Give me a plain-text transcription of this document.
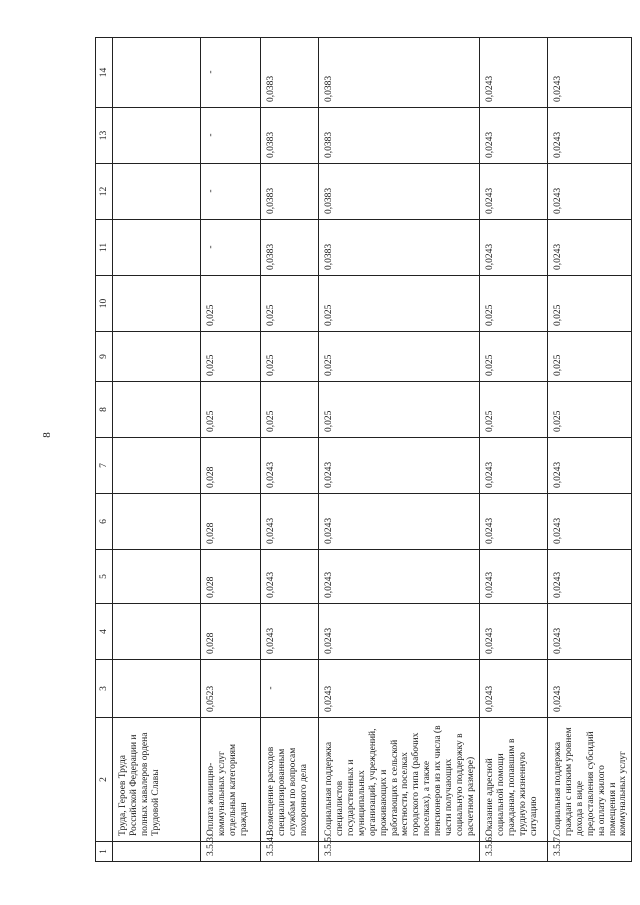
8
1	2	3	4	5	6	7	8	9	10	11	12	13	14
	Труда, Героев Труда Российской Федерации и полных кавалеров ордена Трудовой Славы												
3.5.3.	Оплата жилищно-коммунальных услуг отдельным категориям граждан	0,0523	0,028	0,028	0,028	0,028	0,025	0,025	0,025	-	-	-	-
3.5.4.	Возмещение расходов специализированным службам по вопросам похоронного дела	-	0,0243	0,0243	0,0243	0,0243	0,025	0,025	0,025	0,0383	0,0383	0,0383	0,0383
3.5.5.	Социальная поддержка специалистов государственных и муниципальных организаций, учреждений, проживающих и работающих в сельской местности, поселках городского типа (рабочих поселках), а также пенсионеров из их числа (в части получающих социальную поддержку в расчетном размере)	0,0243	0,0243	0,0243	0,0243	0,0243	0,025	0,025	0,025	0,0383	0,0383	0,0383	0,0383
3.5.6.	Оказание адресной социальной помощи гражданам, попавшим в трудную жизненную ситуацию	0,0243	0,0243	0,0243	0,0243	0,0243	0,025	0,025	0,025	0,0243	0,0243	0,0243	0,0243
3.5.7.	Социальная поддержка граждан с низким уровнем дохода в виде предоставления субсидий на оплату жилого помещения и коммунальных услуг	0,0243	0,0243	0,0243	0,0243	0,0243	0,025	0,025	0,025	0,0243	0,0243	0,0243	0,0243
